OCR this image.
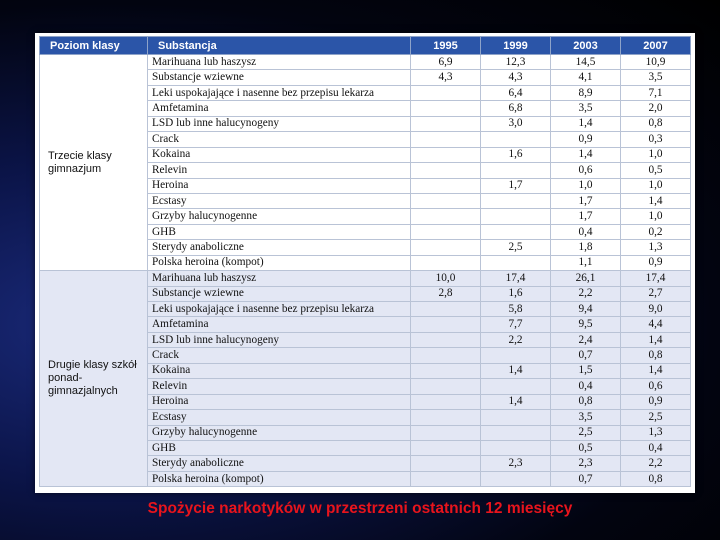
Poziom klasy	Substancja	1995	1999	2003	2007
Trzecie klasy gimnazjum	Marihuana lub haszysz	6,9	12,3	14,5	10,9
	Substancje wziewne	4,3	4,3	4,1	3,5
	Leki uspokajające i nasenne bez przepisu lekarza		6,4	8,9	7,1
	Amfetamina		6,8	3,5	2,0
	LSD lub inne halucynogeny		3,0	1,4	0,8
	Crack			0,9	0,3
	Kokaina		1,6	1,4	1,0
	Relevin			0,6	0,5
	Heroina		1,7	1,0	1,0
	Ecstasy			1,7	1,4
	Grzyby halucynogenne			1,7	1,0
	GHB			0,4	0,2
	Sterydy anaboliczne		2,5	1,8	1,3
	Polska heroina (kompot)			1,1	0,9
Drugie klasy szkół ponad-gimnazjalnych	Marihuana lub haszysz	10,0	17,4	26,1	17,4
	Substancje wziewne	2,8	1,6	2,2	2,7
	Leki uspokajające i nasenne bez przepisu lekarza		5,8	9,4	9,0
	Amfetamina		7,7	9,5	4,4
	LSD lub inne halucynogeny		2,2	2,4	1,4
	Crack			0,7	0,8
	Kokaina		1,4	1,5	1,4
	Relevin			0,4	0,6
	Heroina		1,4	0,8	0,9
	Ecstasy			3,5	2,5
	Grzyby halucynogenne			2,5	1,3
	GHB			0,5	0,4
	Sterydy anaboliczne		2,3	2,3	2,2
	Polska heroina (kompot)			0,7	0,8
Spożycie narkotyków w przestrzeni ostatnich 12 miesięcy
